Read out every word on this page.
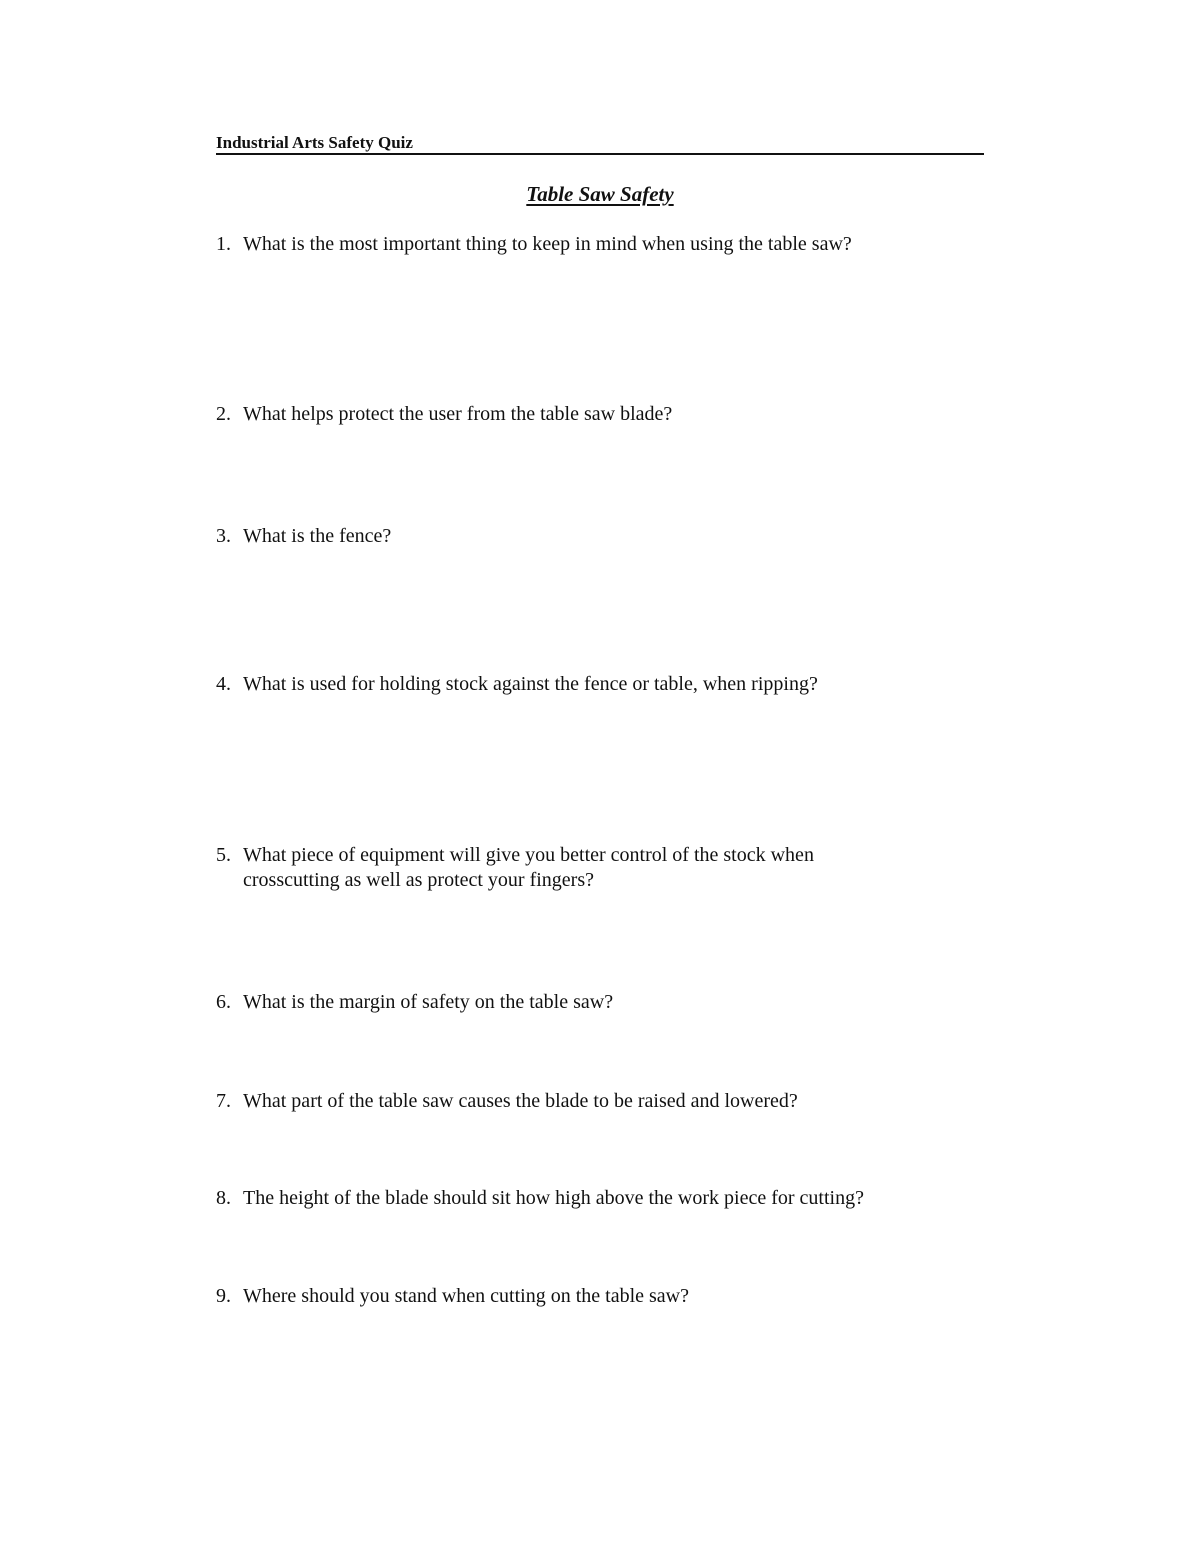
Industrial Arts Safety Quiz
Table Saw Safety
1. What is the most important thing to keep in mind when using the table saw?
2. What helps protect the user from the table saw blade?
3. What is the fence?
4. What is used for holding stock against the fence or table, when ripping?
5. What piece of equipment will give you better control of the stock when crosscutting as well as protect your fingers?
6. What is the margin of safety on the table saw?
7. What part of the table saw causes the blade to be raised and lowered?
8. The height of the blade should sit how high above the work piece for cutting?
9. Where should you stand when cutting on the table saw?
